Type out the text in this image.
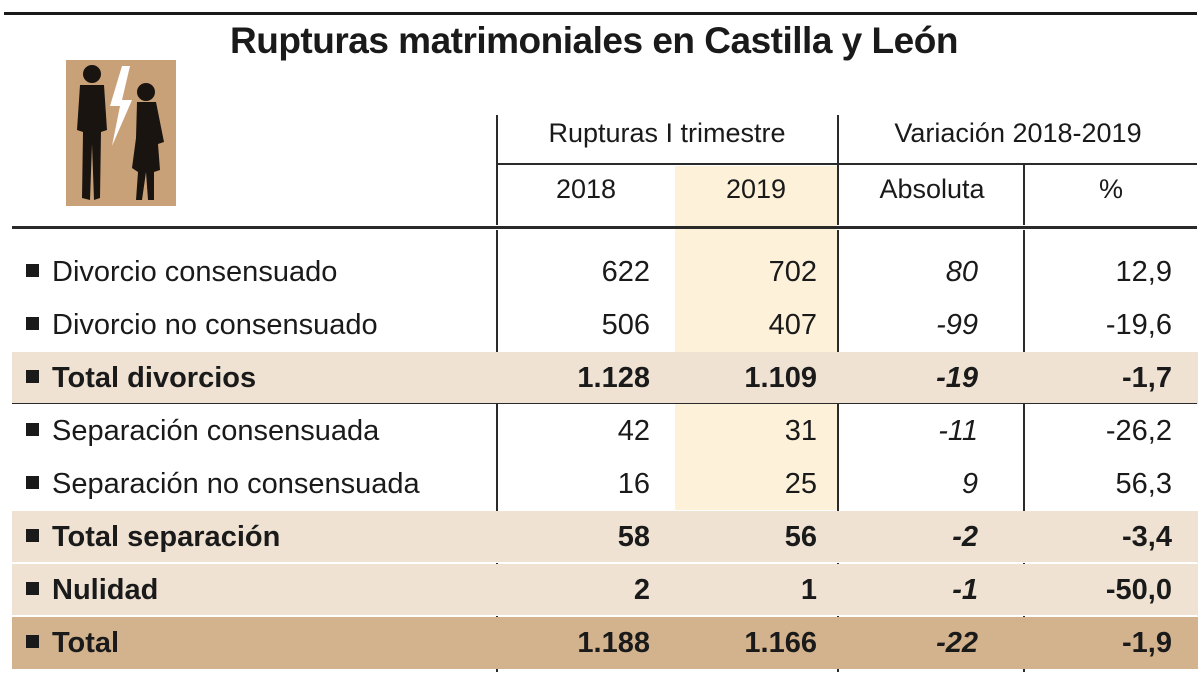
Rupturas matrimoniales en Castilla y León
Rupturas I trimestre	Variación 2018-2019
2018	2019	Absoluta	%
Divorcio consensuado	622	702	80	12,9
Divorcio no consensuado	506	407	-99	-19,6
Total divorcios	1.128	1.109	-19	-1,7
Separación consensuada	42	31	-11	-26,2
Separación no consensuada	16	25	9	56,3
Total separación	58	56	-2	-3,4
Nulidad	2	1	-1	-50,0
Total	1.188	1.166	-22	-1,9
